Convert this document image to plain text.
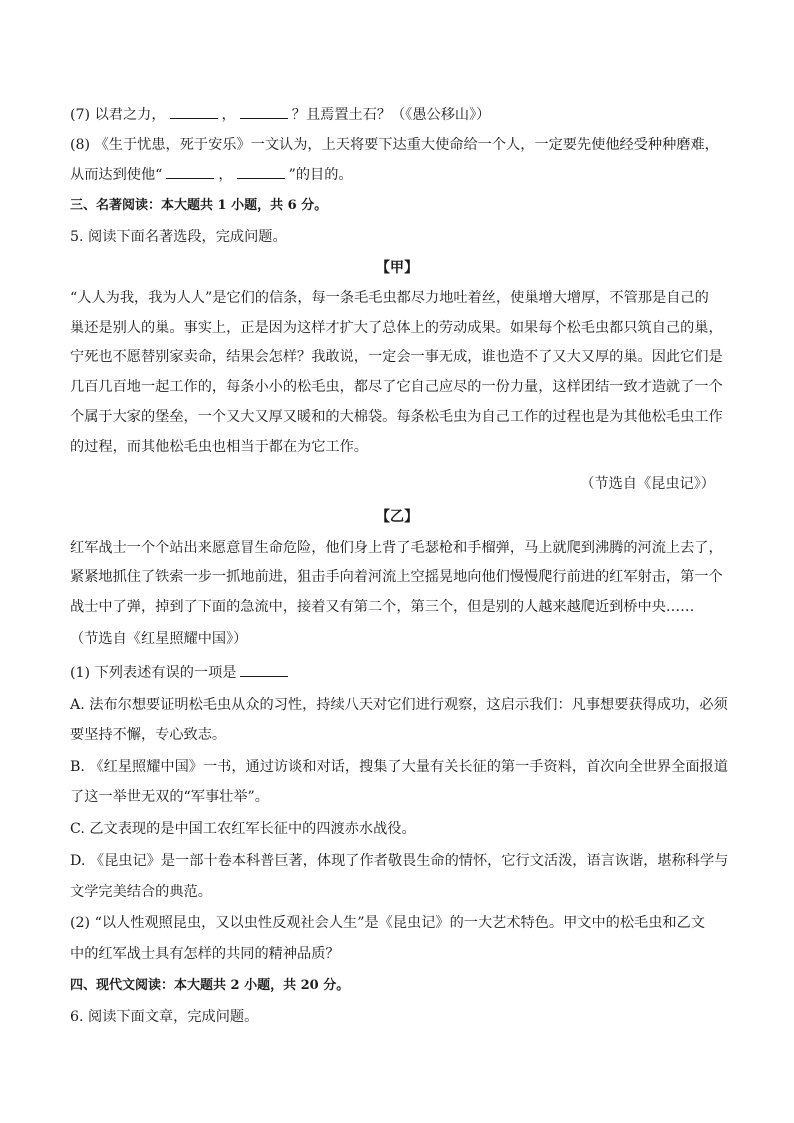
(7) 以君之力，	，	？且焉置土石？（《愚公移山》）
(8) 《生于忧患，死于安乐》一文认为，上天将要下达重大使命给一个人，一定要先使他经受种种磨难，
从而达到使他“	，	”的目的。
三、名著阅读：本大题共 1 小题，共 6 分。
5. 阅读下面名著选段，完成问题。
【甲】
“人人为我，我为人人”是它们的信条，每一条毛毛虫都尽力地吐着丝，使巢增大增厚，不管那是自己的
巢还是别人的巢。事实上，正是因为这样才扩大了总体上的劳动成果。如果每个松毛虫都只筑自己的巢，
宁死也不愿替别家卖命，结果会怎样？我敢说，一定会一事无成，谁也造不了又大又厚的巢。因此它们是
几百几百地一起工作的，每条小小的松毛虫，都尽了它自己应尽的一份力量，这样团结一致才造就了一个
个属于大家的堡垒，一个又大又厚又暖和的大棉袋。每条松毛虫为自己工作的过程也是为其他松毛虫工作
的过程，而其他松毛虫也相当于都在为它工作。
（节选自《昆虫记》）
【乙】
红军战士一个个站出来愿意冒生命危险，他们身上背了毛瑟枪和手榴弹，马上就爬到沸腾的河流上去了，
紧紧地抓住了铁索一步一抓地前进，狙击手向着河流上空摇晃地向他们慢慢爬行前进的红军射击，第一个
战士中了弹，掉到了下面的急流中，接着又有第二个，第三个，但是别的人越来越爬近到桥中央……
（节选自《红星照耀中国》）
(1) 下列表述有误的一项是
A. 法布尔想要证明松毛虫从众的习性，持续八天对它们进行观察，这启示我们：凡事想要获得成功，必须
要坚持不懈，专心致志。
B. 《红星照耀中国》一书，通过访谈和对话，搜集了大量有关长征的第一手资料，首次向全世界全面报道
了这一举世无双的“军事壮举”。
C. 乙文表现的是中国工农红军长征中的四渡赤水战役。
D. 《昆虫记》是一部十卷本科普巨著，体现了作者敬畏生命的情怀，它行文活泼，语言诙谐，堪称科学与
文学完美结合的典范。
(2) “以人性观照昆虫，又以虫性反观社会人生”是《昆虫记》的一大艺术特色。甲文中的松毛虫和乙文
中的红军战士具有怎样的共同的精神品质？
四、现代文阅读：本大题共 2 小题，共 20 分。
6. 阅读下面文章，完成问题。
